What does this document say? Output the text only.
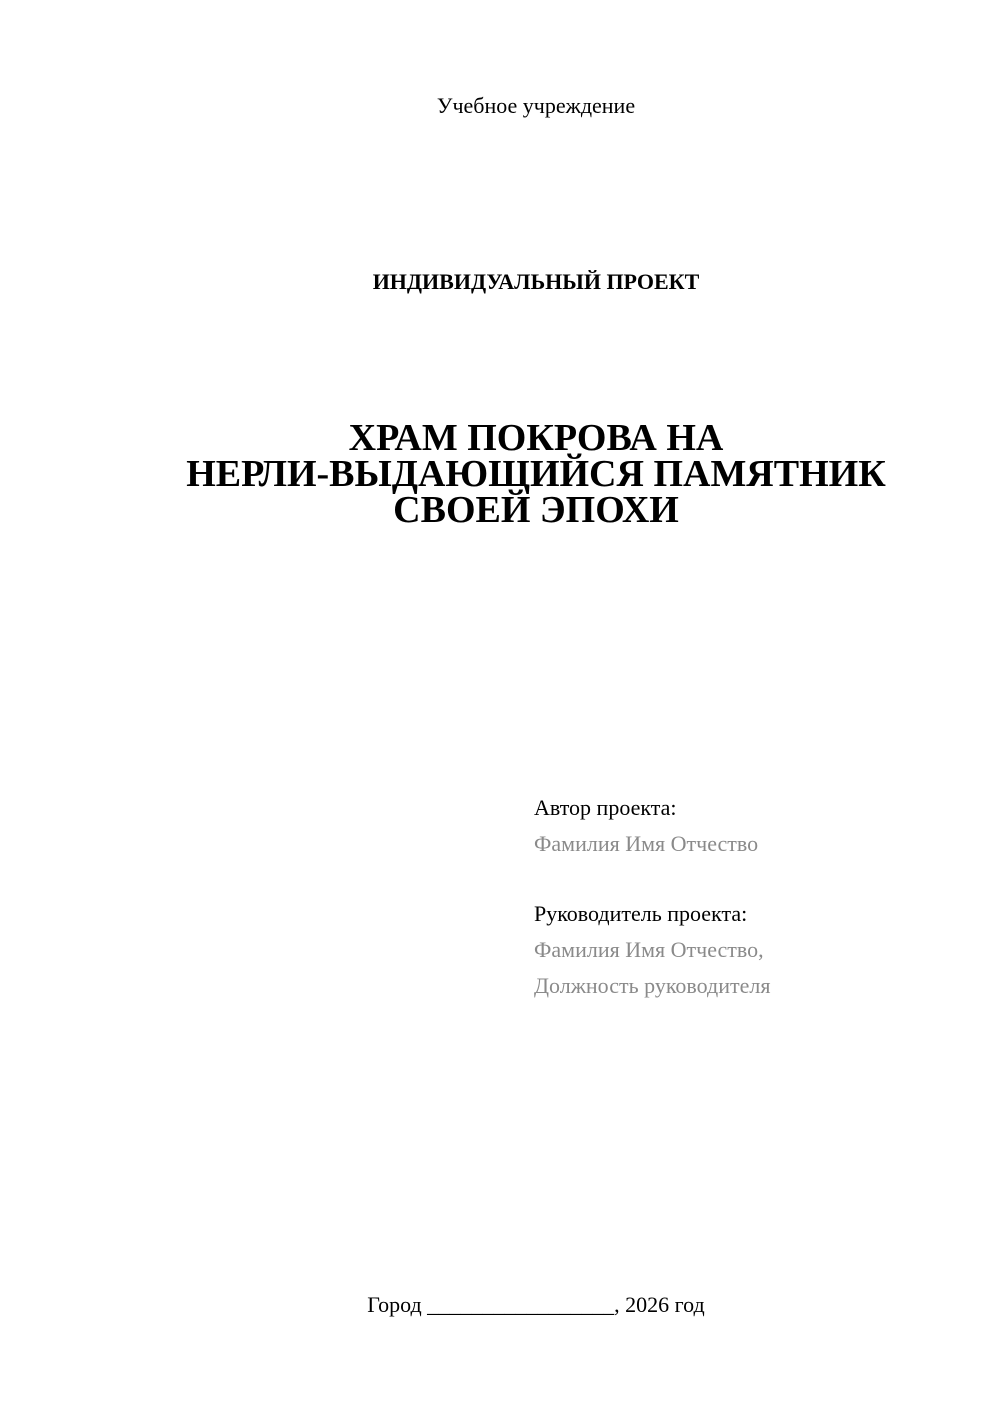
Учебное учреждение
ИНДИВИДУАЛЬНЫЙ ПРОЕКТ
ХРАМ ПОКРОВА НА
НЕРЛИ-ВЫДАЮЩИЙСЯ ПАМЯТНИК
СВОЕЙ ЭПОХИ
Автор проекта:
Фамилия Имя Отчество
Руководитель проекта:
Фамилия Имя Отчество,
Должность руководителя
Город _________________, 2026 год
